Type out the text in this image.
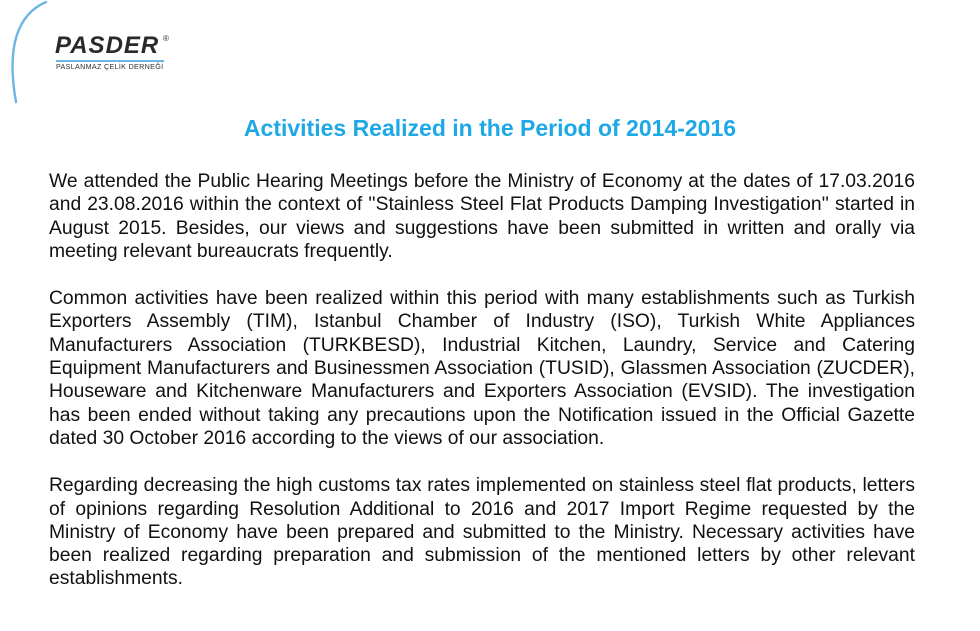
PASDER ®
PASLANMAZ ÇELİK DERNEĞİ
Activities Realized in the Period of 2014-2016

We attended the Public Hearing Meetings before the Ministry of Economy at the dates of 17.03.2016 and 23.08.2016 within the context of ''Stainless Steel Flat Products Damping Investigation'' started in August 2015. Besides, our views and suggestions have been submitted in written and orally via meeting relevant bureaucrats frequently.

Common activities have been realized within this period with many establishments such as Turkish Exporters Assembly (TIM), Istanbul Chamber of Industry (ISO), Turkish White Appliances Manufacturers Association (TURKBESD), Industrial Kitchen, Laundry, Service and Catering Equipment Manufacturers and Businessmen Association (TUSID), Glassmen Association (ZUCDER), Houseware and Kitchenware Manufacturers and Exporters Association (EVSID). The investigation has been ended without taking any precautions upon the Notification issued in the Official Gazette dated 30 October 2016 according to the views of our association.

Regarding decreasing the high customs tax rates implemented on stainless steel flat products, letters of opinions regarding Resolution Additional to 2016 and 2017 Import Regime requested by the Ministry of Economy have been prepared and submitted to the Ministry. Necessary activities have been realized regarding preparation and submission of the mentioned letters by other relevant establishments.
